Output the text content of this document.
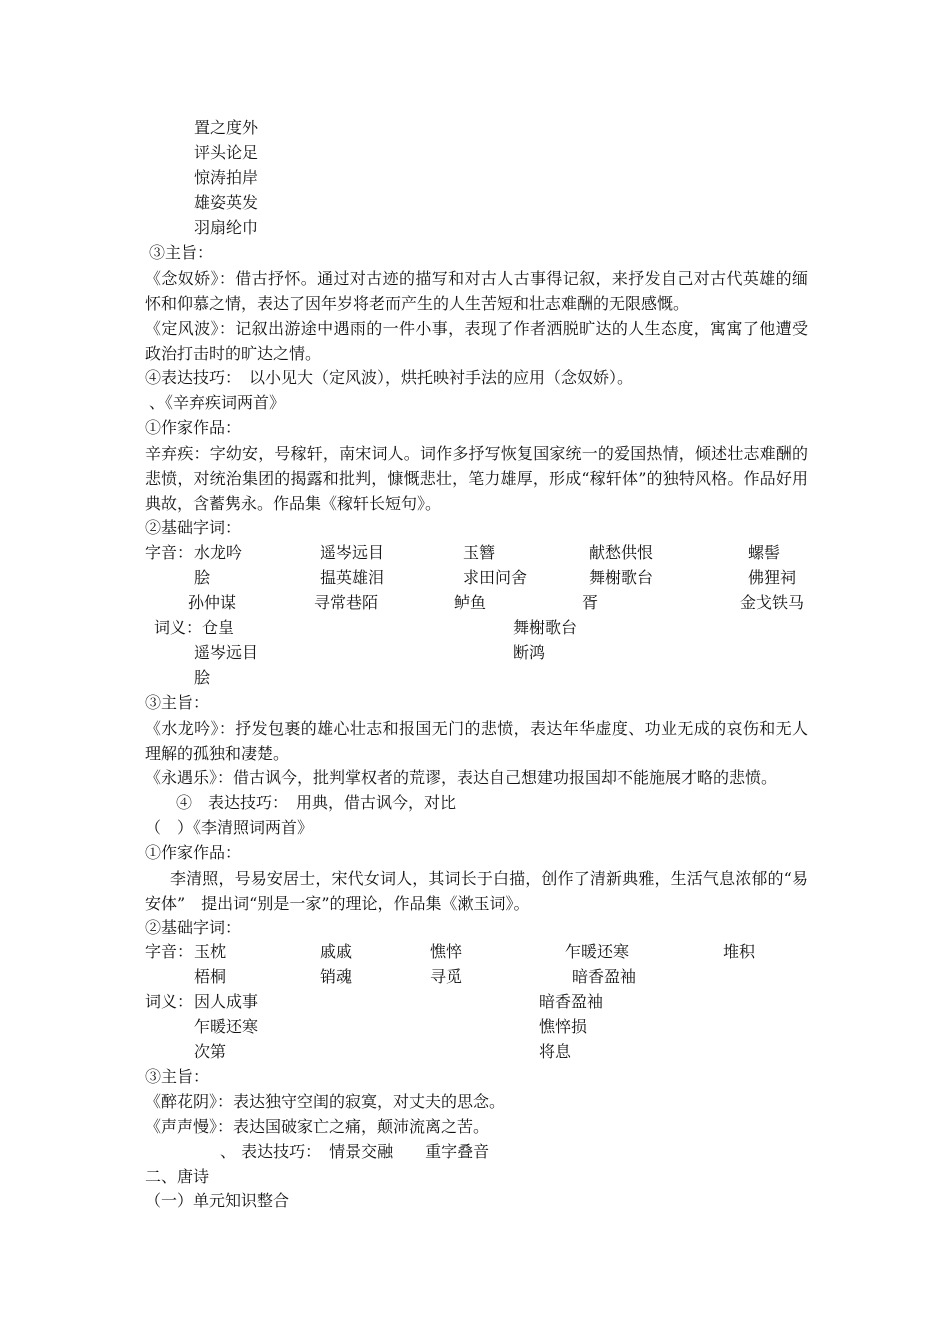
置之度外
评头论足
惊涛拍岸
雄姿英发
羽扇纶巾
③主旨：
《念奴娇》：借古抒怀。通过对古迹的描写和对古人古事得记叙，来抒发自己对古代英雄的缅怀和仰慕之情，表达了因年岁将老而产生的人生苦短和壮志难酬的无限感慨。
《定风波》：记叙出游途中遇雨的一件小事，表现了作者洒脱旷达的人生态度，寓寓了他遭受政治打击时的旷达之情。
④表达技巧：　以小见大（定风波），烘托映衬手法的应用（念奴娇）。
、《辛弃疾词两首》
①作家作品：
辛弃疾：字幼安，号稼轩，南宋词人。词作多抒写恢复国家统一的爱国热情，倾述壮志难酬的悲愤，对统治集团的揭露和批判，慷慨悲壮，笔力雄厚，形成“稼轩体”的独特风格。作品好用典故，含蓄隽永。作品集《稼轩长短句》。
②基础字词：
字音： 水龙吟	遥岑远目	玉簪	献愁供恨	螺髻
脍	揾英雄泪	求田问舍	舞榭歌台	佛狸祠
孙仲谋	寻常巷陌	鲈鱼	胥	金戈铁马
词义： 仓皇	舞榭歌台
遥岑远目	断鸿
脍
③主旨：
《水龙吟》：抒发包裹的雄心壮志和报国无门的悲愤，表达年华虚度、功业无成的哀伤和无人理解的孤独和凄楚。
《永遇乐》：借古讽今，批判掌权者的荒谬，表达自己想建功报国却不能施展才略的悲愤。
④　表达技巧：　用典，借古讽今，对比
（　）《李清照词两首》
①作家作品：
李清照，号易安居士，宋代女词人，其词长于白描，创作了清新典雅，生活气息浓郁的“易安体”　提出词“别是一家”的理论，作品集《漱玉词》。
②基础字词：
字音： 玉枕	戚戚	憔悴	乍暖还寒	堆积
梧桐	销魂	寻觅	暗香盈袖
词义： 因人成事	暗香盈袖
乍暖还寒	憔悴损
次第	将息
③主旨：
《醉花阴》：表达独守空闺的寂寞，对丈夫的思念。
《声声慢》：表达国破家亡之痛，颠沛流离之苦。
、 表达技巧：　情景交融　　重字叠音
二、唐诗
（一）单元知识整合
